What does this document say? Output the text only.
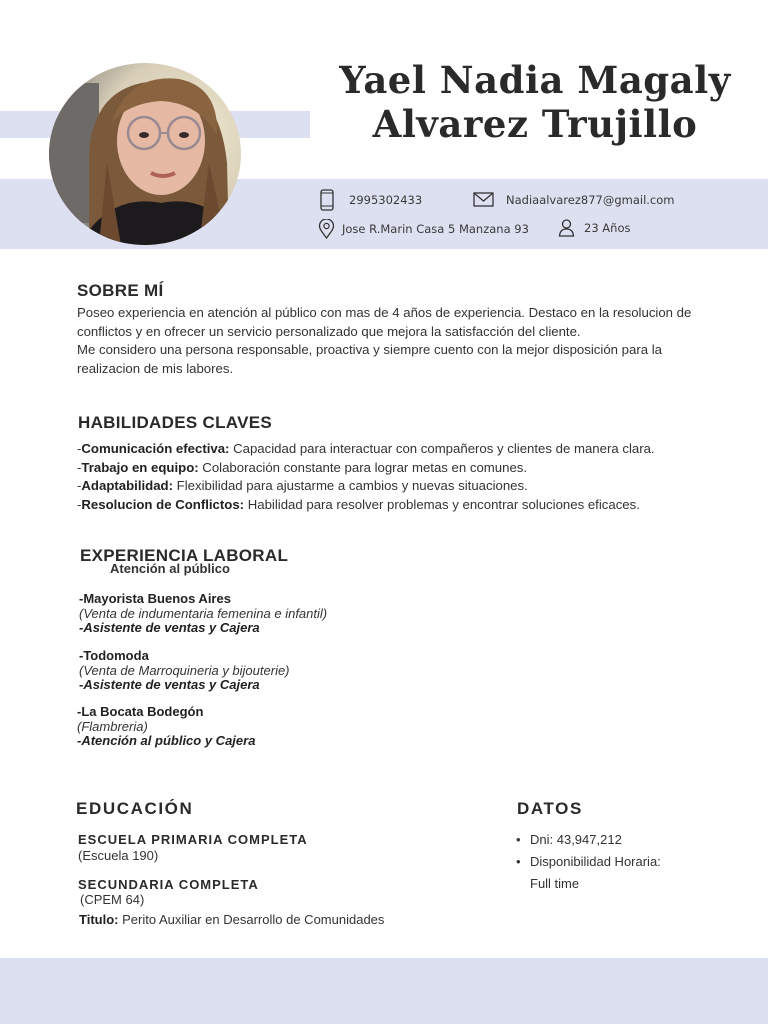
Yael Nadia Magaly
Alvarez Trujillo
2995302433	Nadiaalvarez877@gmail.com
Jose R.Marin Casa 5 Manzana 93	23 Años
SOBRE MÍ

Poseo experiencia en atención al público con mas de 4 años de experiencia. Destaco en la resolucion de conflictos y en ofrecer un servicio personalizado que mejora la satisfacción del cliente.

Me considero una persona responsable, proactiva y siempre cuento con la mejor disposición para la realizacion de mis labores.

HABILIDADES CLAVES
-Comunicación efectiva: Capacidad para interactuar con compañeros y clientes de manera clara.
-Trabajo en equipo: Colaboración constante para lograr metas en comunes.
-Adaptabilidad: Flexibilidad para ajustarme a cambios y nuevas situaciones.
-Resolucion de Conflictos: Habilidad para resolver problemas y encontrar soluciones eficaces.
EXPERIENCIA LABORAL
Atención al público
-Mayorista Buenos Aires
(Venta de indumentaria femenina e infantil)
-Asistente de ventas y Cajera
-Todomoda
(Venta de Marroquineria y bijouterie)
-Asistente de ventas y Cajera
-La Bocata Bodegón
(Flambreria)
-Atención al público y Cajera
EDUCACIÓN
ESCUELA PRIMARIA COMPLETA
(Escuela 190)
SECUNDARIA COMPLETA
(CPEM 64)
Titulo: Perito Auxiliar en Desarrollo de Comunidades
DATOS
• Dni: 43,947,212
• Disponibilidad Horaria:
Full time
